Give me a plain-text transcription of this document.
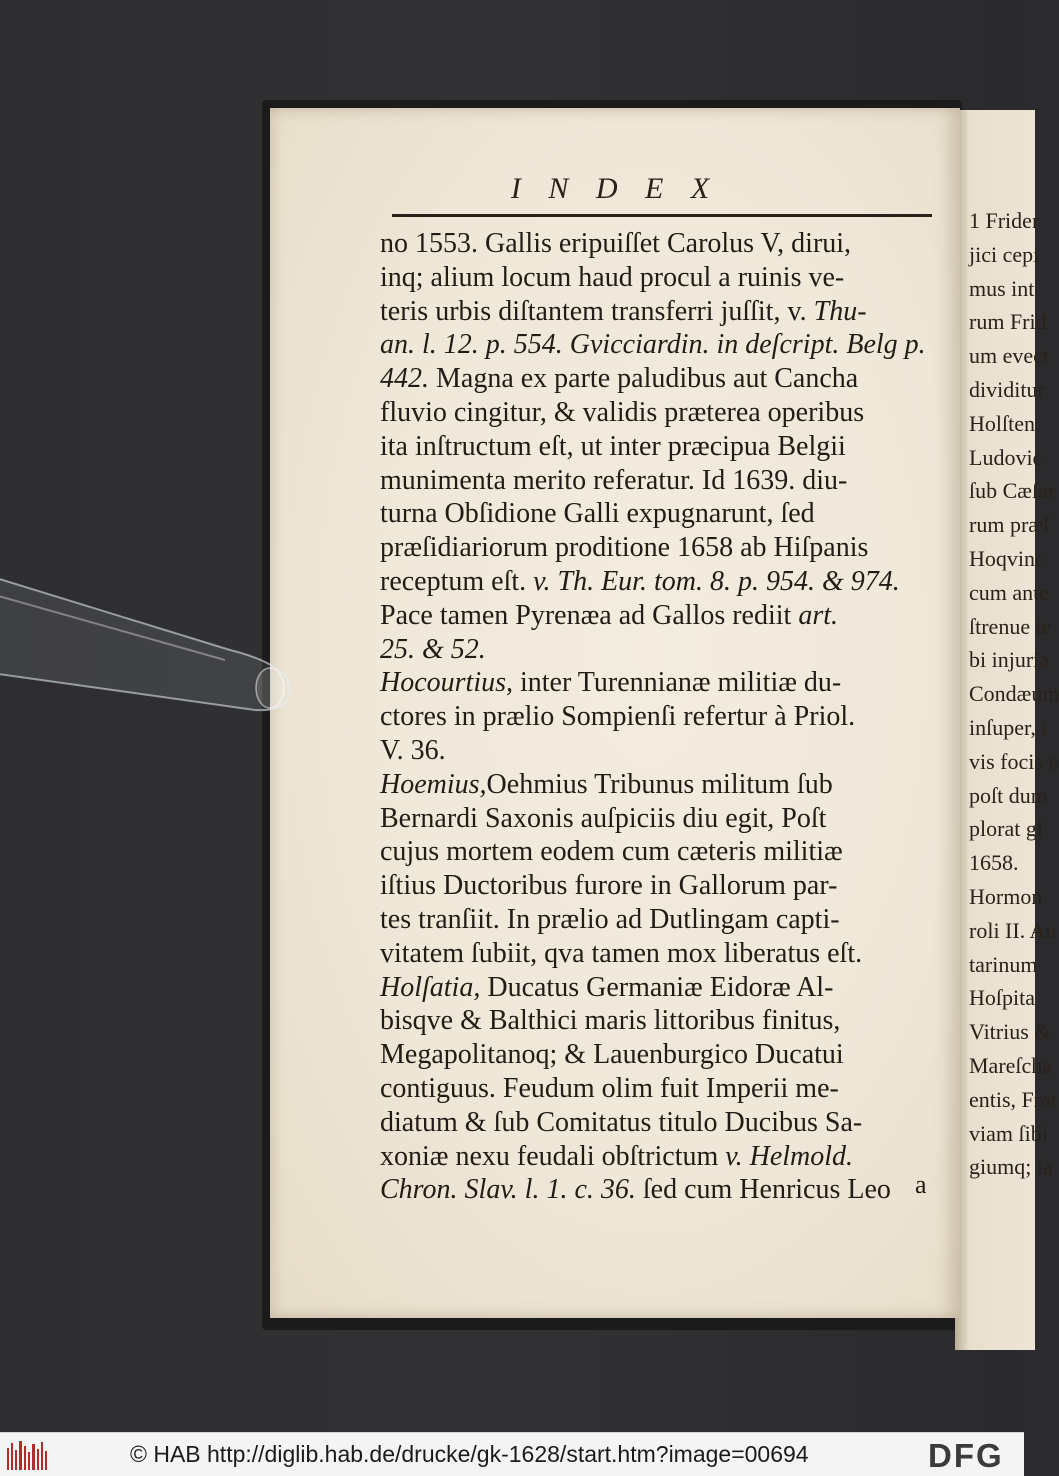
1 Frider
jici cepi
mus int
rum Frid
um evect
dividitur
Holſten
Ludovic
ſub Cæſar
rum præſ
Hoqvinc
cum ante
ſtrenue te
bi injuria
Condæum
inſuper, i
vis focis e
poſt dum
plorat gl
1658.
Hormon
roli II. An
tarinum
Hoſpita
Vitrius &
Mareſcha
entis, Frat
viam ſibi
giumq; ia
I N D E X
no 1553. Gallis eripuiſſet Carolus V, dirui,
inq; alium locum haud procul a ruinis ve-
teris urbis diſtantem transferri juſſit, v. Thu-
an. l. 12. p. 554. Gvicciardin. in deſcript. Belg p.
442. Magna ex parte paludibus aut Cancha
fluvio cingitur, & validis præterea operibus
ita inſtructum eſt, ut inter præcipua Belgii
munimenta merito referatur. Id 1639. diu-
turna Obſidione Galli expugnarunt, ſed
præſidiariorum proditione 1658 ab Hiſpanis
receptum eſt. v. Th. Eur. tom. 8. p. 954. & 974.
Pace tamen Pyrenæa ad Gallos rediit art.
25. & 52.
Hocourtius, inter Turennianæ militiæ du-
ctores in prælio Sompienſi refertur à Priol.
V. 36.
Hoemius,Oehmius Tribunus militum ſub
Bernardi Saxonis auſpiciis diu egit, Poſt
cujus mortem eodem cum cæteris militiæ
iſtius Ductoribus furore in Gallorum par-
tes tranſiit. In prælio ad Dutlingam capti-
vitatem ſubiit, qva tamen mox liberatus eſt.
Holſatia, Ducatus Germaniæ Eidoræ Al-
bisqve & Balthici maris littoribus finitus,
Megapolitanoq; & Lauenburgico Ducatui
contiguus. Feudum olim fuit Imperii me-
diatum & ſub Comitatus titulo Ducibus Sa-
xoniæ nexu feudali obſtrictum v. Helmold.
Chron. Slav. l. 1. c. 36. ſed cum Henricus Leo a
© HAB http://diglib.hab.de/drucke/gk-1628/start.htm?image=00694	DFG
